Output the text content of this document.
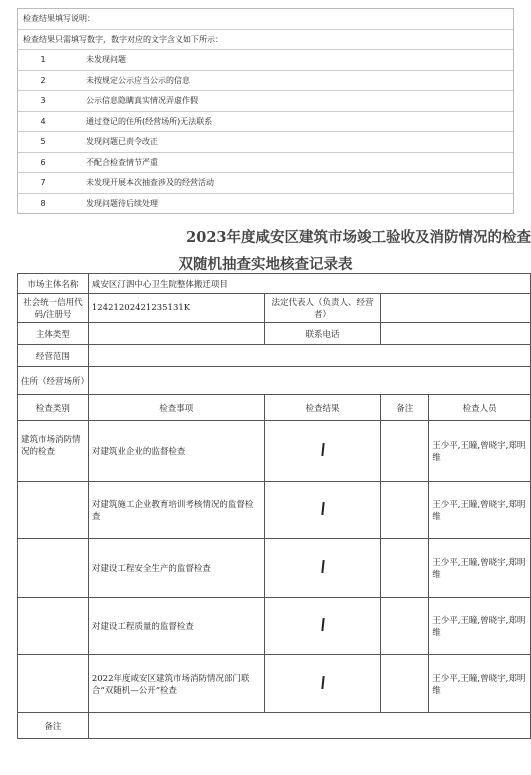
检查结果填写说明：
检查结果只需填写数字，数字对应的文字含义如下所示：
1	未发现问题
2	未按规定公示应当公示的信息
3	公示信息隐瞒真实情况弄虚作假
4	通过登记的住所(经营场所)无法联系
5	发现问题已责令改正
6	不配合检查情节严重
7	未发现开展本次抽查涉及的经营活动
8	发现问题待后续处理
2023年度咸安区建筑市场竣工验收及消防情况的检查
双随机抽查实地核查记录表
市场主体名称	咸安区汀泗中心卫生院整体搬迁项目			
社会统一信用代码/注册号	12421202421235131K	法定代表人（负责人、经营者）		
主体类型		联系电话		
经营范围				
住所（经营场所）				
检查类别	检查事项	检查结果	备注	检查人员
建筑市场消防情况的检查	对建筑业企业的监督检查			王少平,王瞳,曾晓宇,郑明维
	对建筑施工企业教育培训考核情况的监督检查			王少平,王瞳,曾晓宇,郑明维
	对建设工程安全生产的监督检查			王少平,王瞳,曾晓宇,郑明维
	对建设工程质量的监督检查			王少平,王瞳,曾晓宇,郑明维
	2022年度咸安区建筑市场消防情况部门联合“双随机—公开”检查			王少平,王瞳,曾晓宇,郑明维
备注				
